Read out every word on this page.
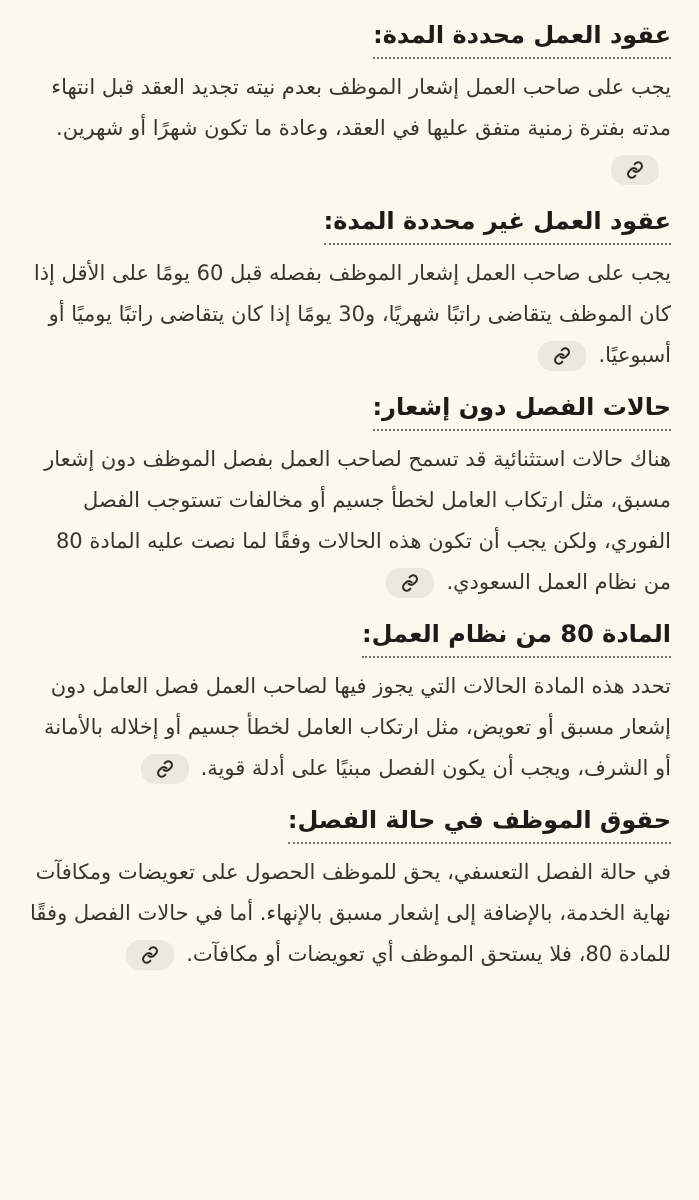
عقود العمل محددة المدة:

يجب على صاحب العمل إشعار الموظف بعدم نيته تجديد العقد قبل انتهاء مدته بفترة زمنية متفق عليها في العقد، وعادة ما تكون شهرًا أو شهرين.

عقود العمل غير محددة المدة:

يجب على صاحب العمل إشعار الموظف بفصله قبل 60 يومًا على الأقل إذا كان الموظف يتقاضى راتبًا شهريًا، و30 يومًا إذا كان يتقاضى راتبًا يوميًا أو أسبوعيًا.

حالات الفصل دون إشعار:

هناك حالات استثنائية قد تسمح لصاحب العمل بفصل الموظف دون إشعار مسبق، مثل ارتكاب العامل لخطأ جسيم أو مخالفات تستوجب الفصل الفوري، ولكن يجب أن تكون هذه الحالات وفقًا لما نصت عليه المادة 80 من نظام العمل السعودي.

المادة 80 من نظام العمل:

تحدد هذه المادة الحالات التي يجوز فيها لصاحب العمل فصل العامل دون إشعار مسبق أو تعويض، مثل ارتكاب العامل لخطأ جسيم أو إخلاله بالأمانة أو الشرف، ويجب أن يكون الفصل مبنيًا على أدلة قوية.

حقوق الموظف في حالة الفصل:

في حالة الفصل التعسفي، يحق للموظف الحصول على تعويضات ومكافآت نهاية الخدمة، بالإضافة إلى إشعار مسبق بالإنهاء. أما في حالات الفصل وفقًا للمادة 80، فلا يستحق الموظف أي تعويضات أو مكافآت.
